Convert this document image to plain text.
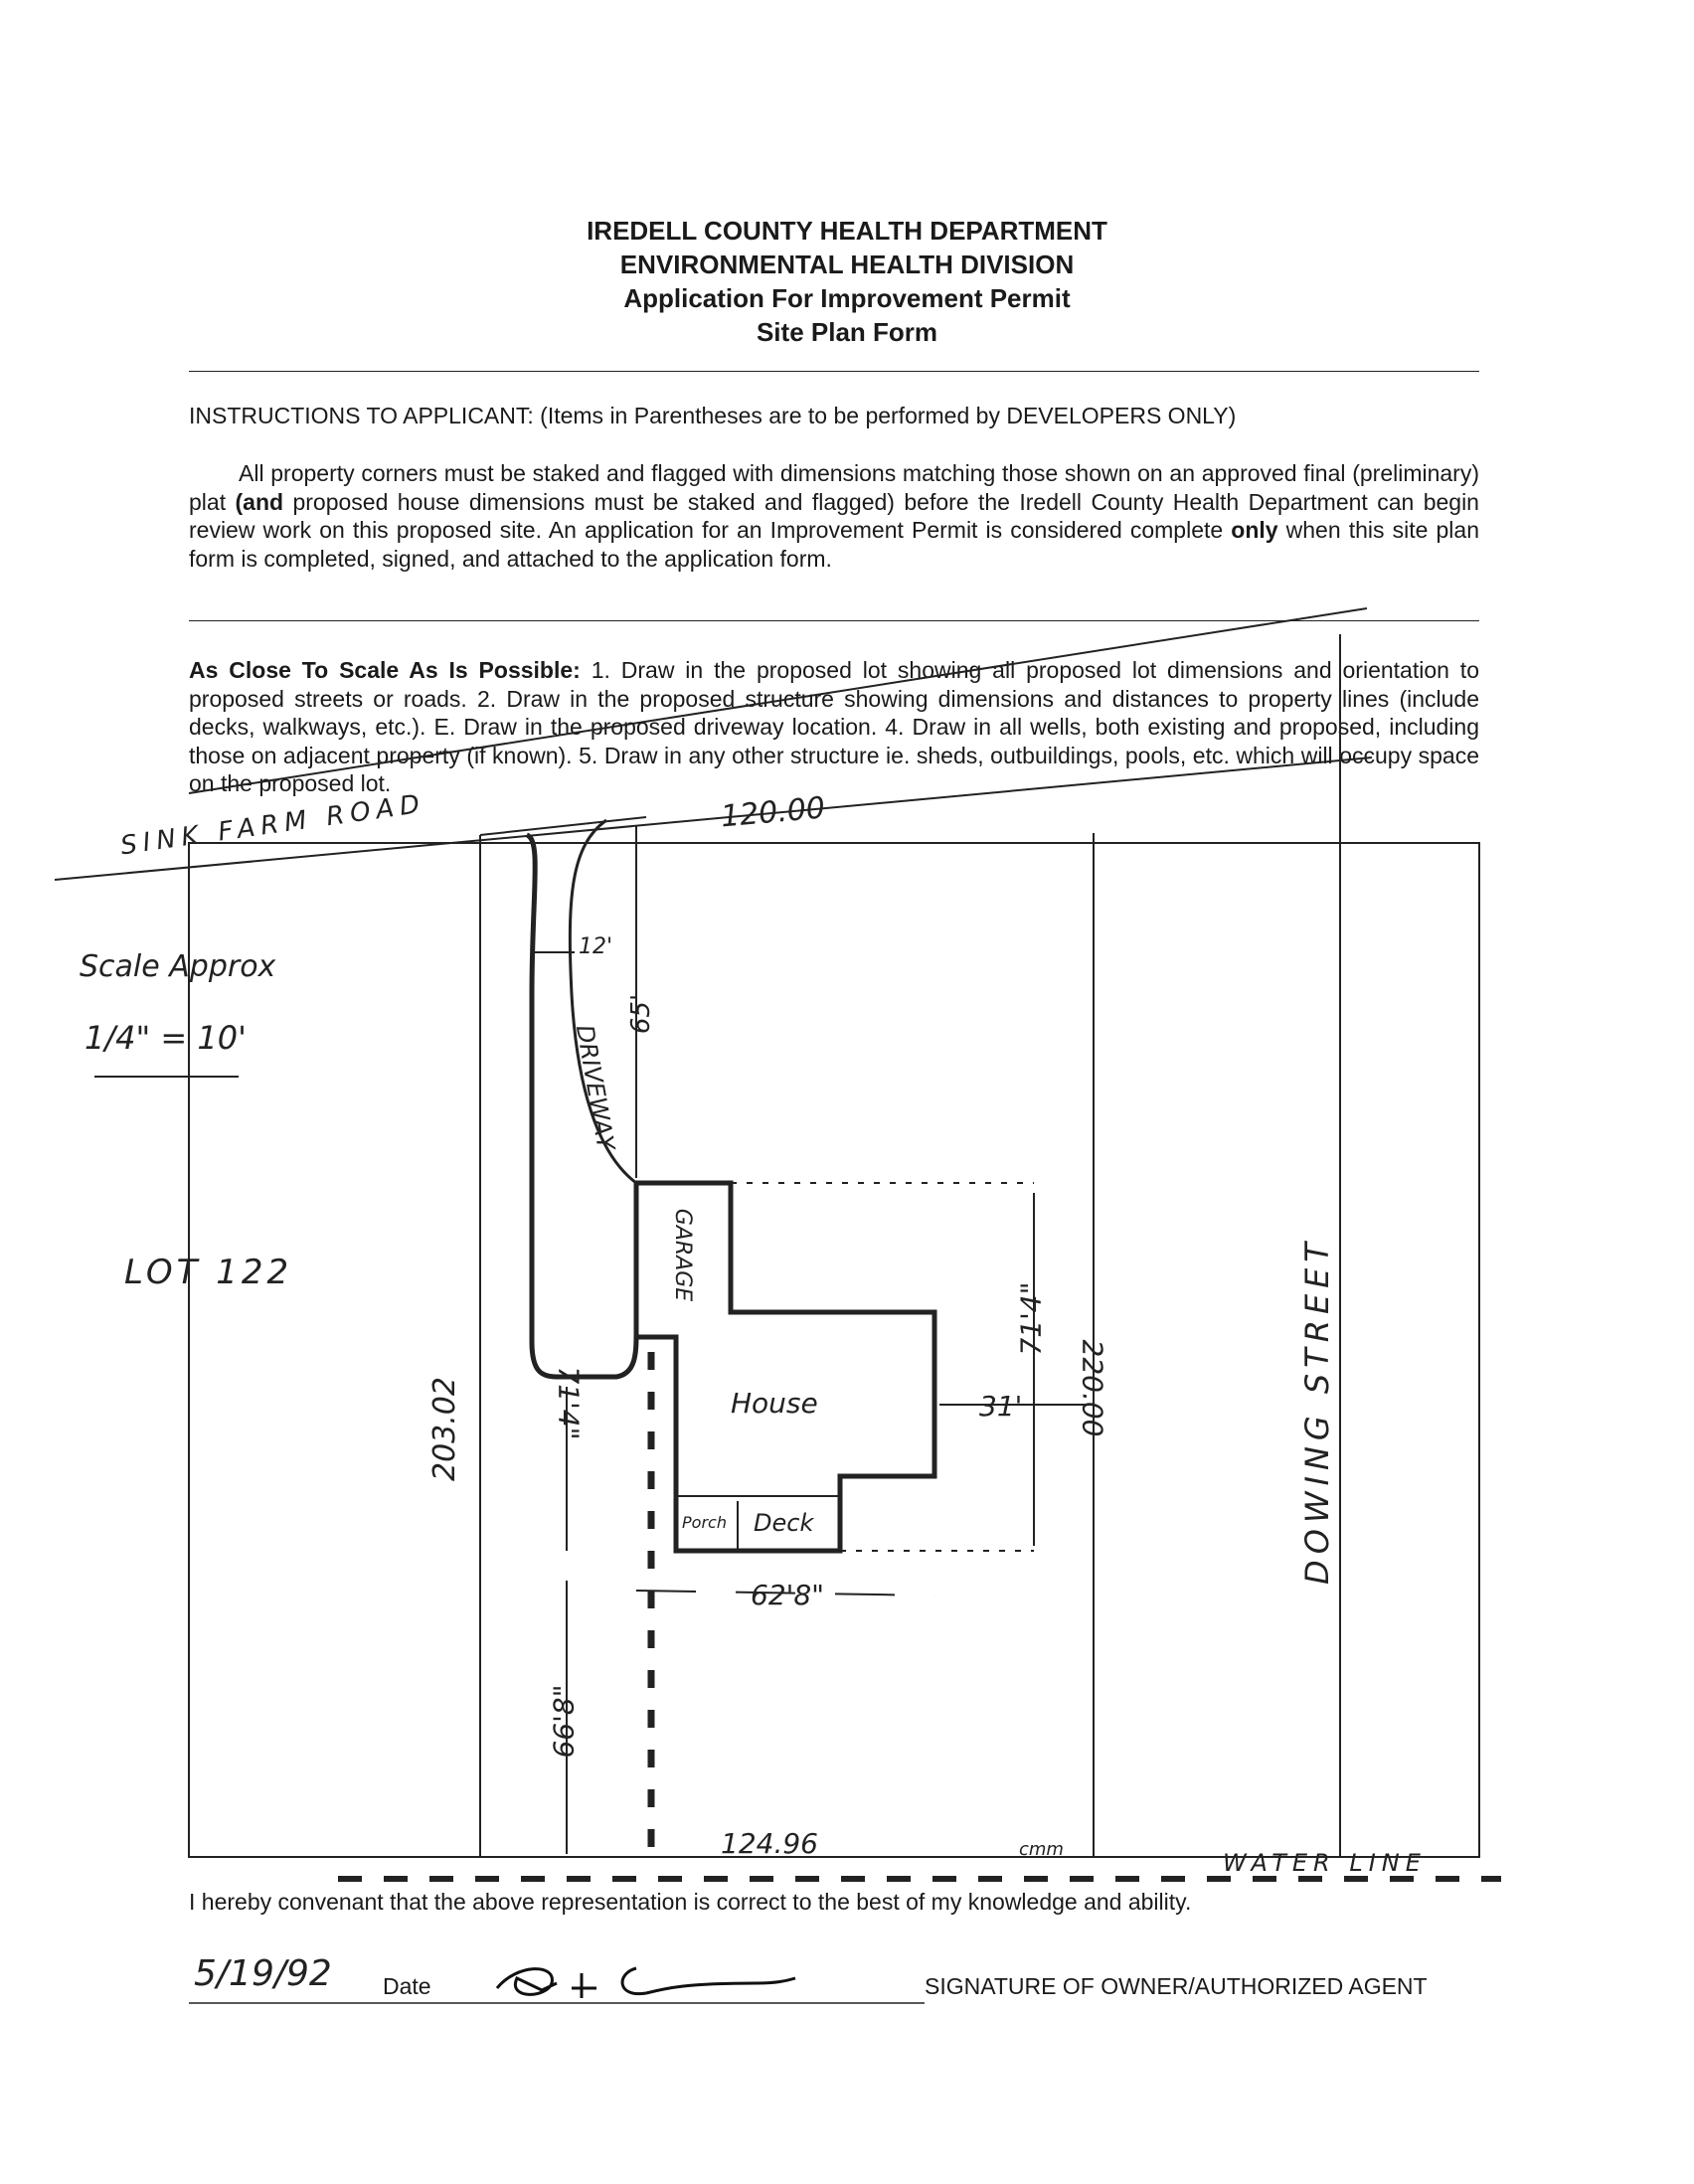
IREDELL COUNTY HEALTH DEPARTMENT
ENVIRONMENTAL HEALTH DIVISION
Application For Improvement Permit
Site Plan Form
INSTRUCTIONS TO APPLICANT: (Items in Parentheses are to be performed by DEVELOPERS ONLY)
All property corners must be staked and flagged with dimensions matching those shown on an approved final (preliminary) plat (and proposed house dimensions must be staked and flagged) before the Iredell County Health Department can begin review work on this proposed site. An application for an Improvement Permit is considered complete only when this site plan form is completed, signed, and attached to the application form.
As Close To Scale As Is Possible: 1. Draw in the proposed lot showing all proposed lot dimensions and orientation to proposed streets or roads. 2. Draw in the proposed structure showing dimensions and distances to property lines (include decks, walkways, etc.). E. Draw in the proposed driveway location. 4. Draw in all wells, both existing and proposed, including those on adjacent property (if known). 5. Draw in any other structure ie. sheds, outbuildings, pools, etc. which will occupy space on the proposed lot.
SINK FARM ROAD
Scale Approx
1/4" = 10'
LOT 122
120.00
124.96
203.02	220.00	DOWING STREET
DRIVEWAY
GARAGE
House
Porch Deck
12'
65'
71'4"
31'
71'4"
62'8"
66'8"
cmm	WATER LINE
I hereby convenant that the above representation is correct to the best of my knowledge and ability.
5/19/92 Date	SIGNATURE OF OWNER/AUTHORIZED AGENT
